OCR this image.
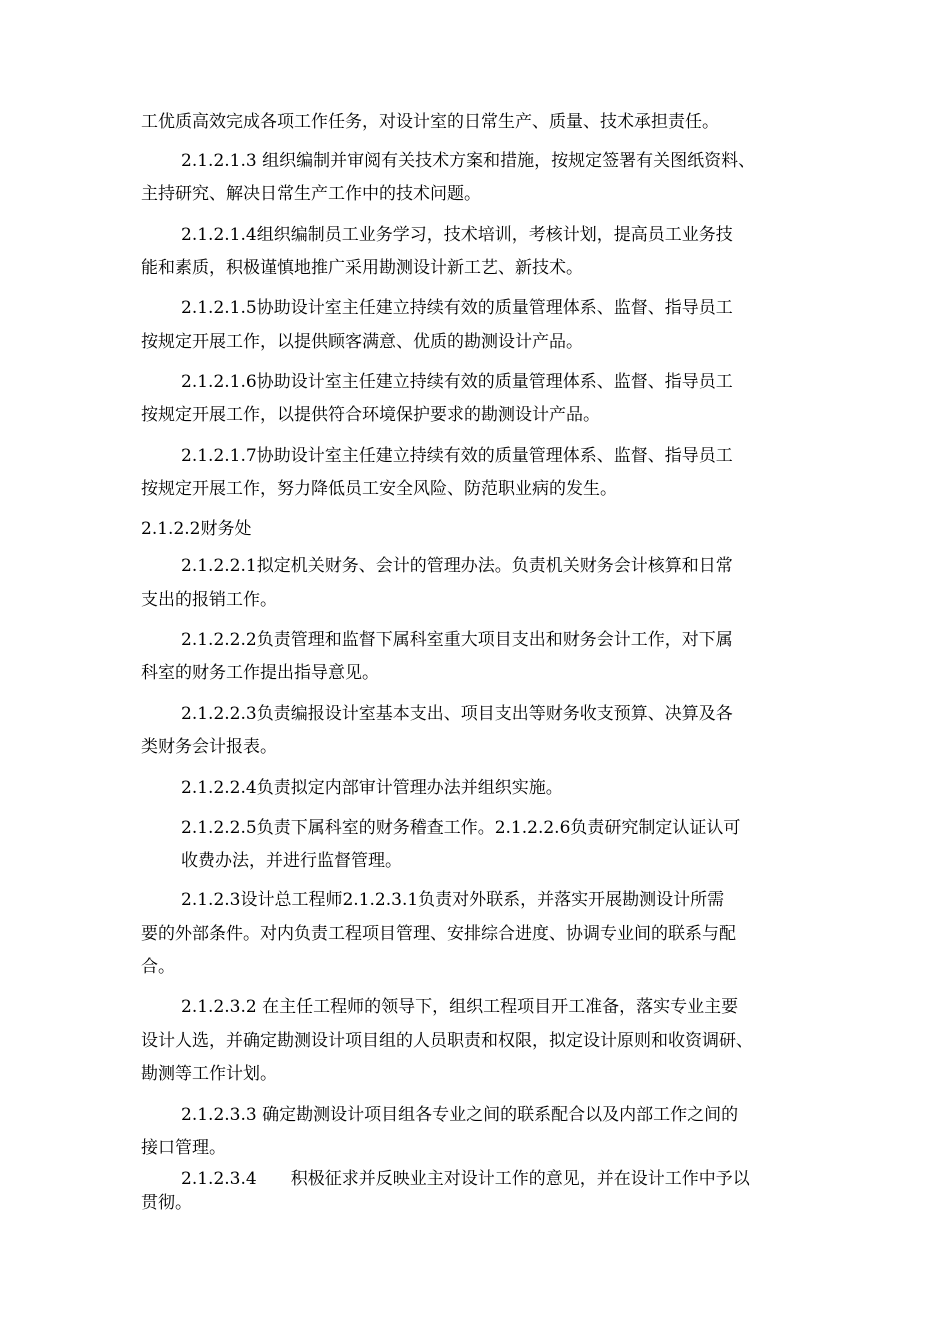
工优质高效完成各项工作任务，对设计室的日常生产、质量、技术承担责任。
2.1.2.1.3 组织编制并审阅有关技术方案和措施，按规定签署有关图纸资料、
主持研究、解决日常生产工作中的技术问题。
2.1.2.1.4组织编制员工业务学习，技术培训，考核计划，提高员工业务技
能和素质，积极谨慎地推广采用勘测设计新工艺、新技术。
2.1.2.1.5协助设计室主任建立持续有效的质量管理体系、监督、指导员工
按规定开展工作，以提供顾客满意、优质的勘测设计产品。
2.1.2.1.6协助设计室主任建立持续有效的质量管理体系、监督、指导员工
按规定开展工作，以提供符合环境保护要求的勘测设计产品。
2.1.2.1.7协助设计室主任建立持续有效的质量管理体系、监督、指导员工
按规定开展工作，努力降低员工安全风险、防范职业病的发生。
2.1.2.2财务处
2.1.2.2.1拟定机关财务、会计的管理办法。负责机关财务会计核算和日常
支出的报销工作。
2.1.2.2.2负责管理和监督下属科室重大项目支出和财务会计工作，对下属
科室的财务工作提出指导意见。
2.1.2.2.3负责编报设计室基本支出、项目支出等财务收支预算、决算及各
类财务会计报表。
2.1.2.2.4负责拟定内部审计管理办法并组织实施。
2.1.2.2.5负责下属科室的财务稽查工作。2.1.2.2.6负责研究制定认证认可
收费办法，并进行监督管理。
2.1.2.3设计总工程师2.1.2.3.1负责对外联系，并落实开展勘测设计所需
要的外部条件。对内负责工程项目管理、安排综合进度、协调专业间的联系与配
合。
2.1.2.3.2 在主任工程师的领导下，组织工程项目开工准备，落实专业主要
设计人选，并确定勘测设计项目组的人员职责和权限，拟定设计原则和收资调研、
勘测等工作计划。
2.1.2.3.3 确定勘测设计项目组各专业之间的联系配合以及内部工作之间的
接口管理。
2.1.2.3.4　　积极征求并反映业主对设计工作的意见，并在设计工作中予以
贯彻。
